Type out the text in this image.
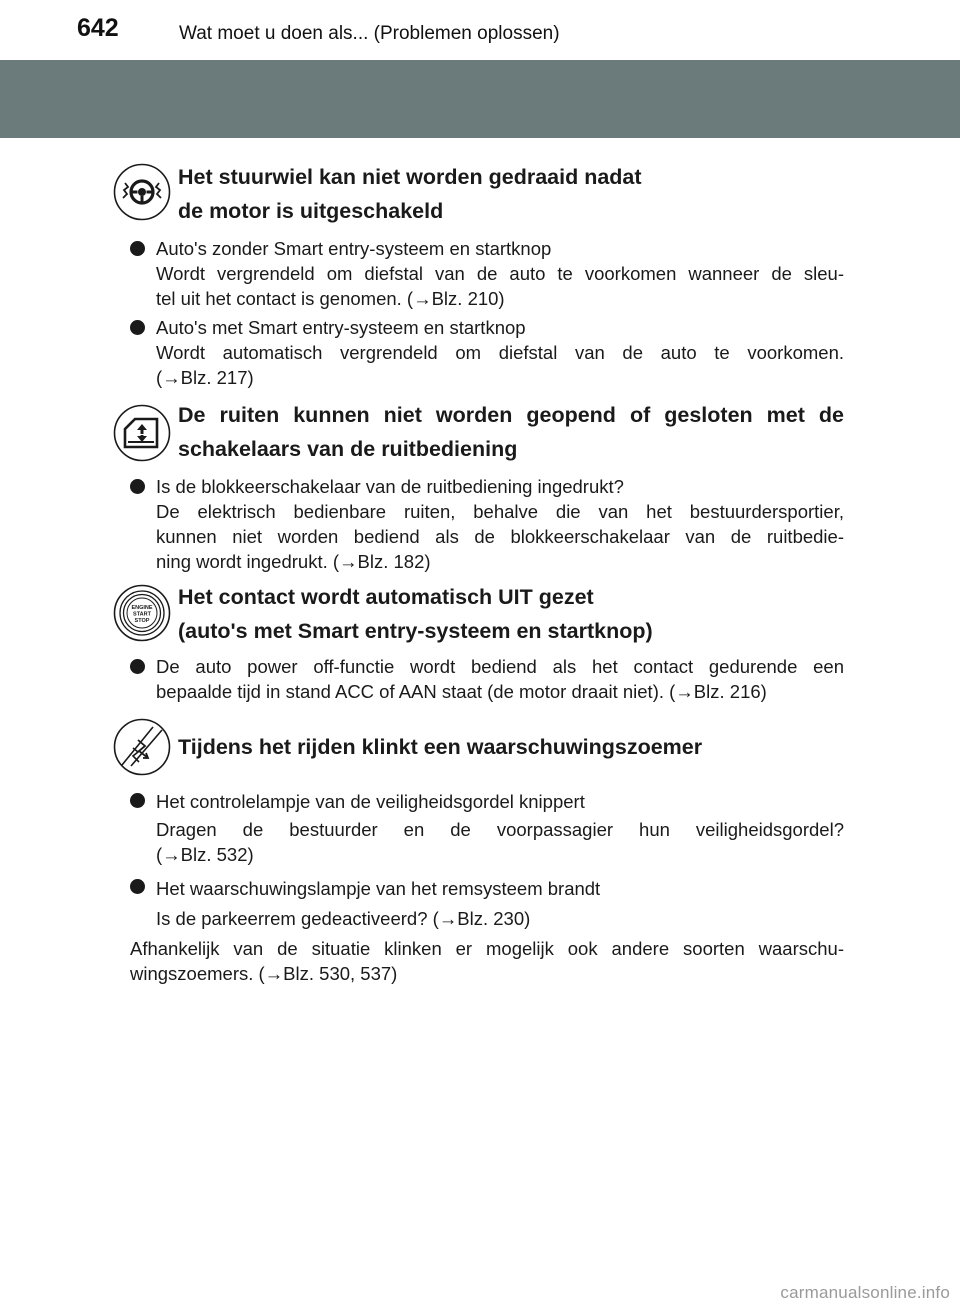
642	Wat moet u doen als... (Problemen oplossen)
Het stuurwiel kan niet worden gedraaid nadat
de motor is uitgeschakeld
Auto's zonder Smart entry-systeem en startknop
Wordt vergrendeld om diefstal van de auto te voorkomen wanneer de sleu-
tel uit het contact is genomen. (→Blz. 210)
Auto's met Smart entry-systeem en startknop
Wordt automatisch vergrendeld om diefstal van de auto te voorkomen.
(→Blz. 217)
De ruiten kunnen niet worden geopend of gesloten met de
schakelaars van de ruitbediening
Is de blokkeerschakelaar van de ruitbediening ingedrukt?
De elektrisch bedienbare ruiten, behalve die van het bestuurdersportier,
kunnen niet worden bediend als de blokkeerschakelaar van de ruitbedie-
ning wordt ingedrukt. (→Blz. 182)
ENGINE
START
STOP
Het contact wordt automatisch UIT gezet
(auto's met Smart entry-systeem en startknop)
De auto power off-functie wordt bediend als het contact gedurende een
bepaalde tijd in stand ACC of AAN staat (de motor draait niet). (→Blz. 216)
Tijdens het rijden klinkt een waarschuwingszoemer
Het controlelampje van de veiligheidsgordel knippert
Dragen de bestuurder en de voorpassagier hun veiligheidsgordel?
(→Blz. 532)
Het waarschuwingslampje van het remsysteem brandt
Is de parkeerrem gedeactiveerd? (→Blz. 230)
Afhankelijk van de situatie klinken er mogelijk ook andere soorten waarschu-
wingszoemers. (→Blz. 530, 537)
carmanualsonline.info
